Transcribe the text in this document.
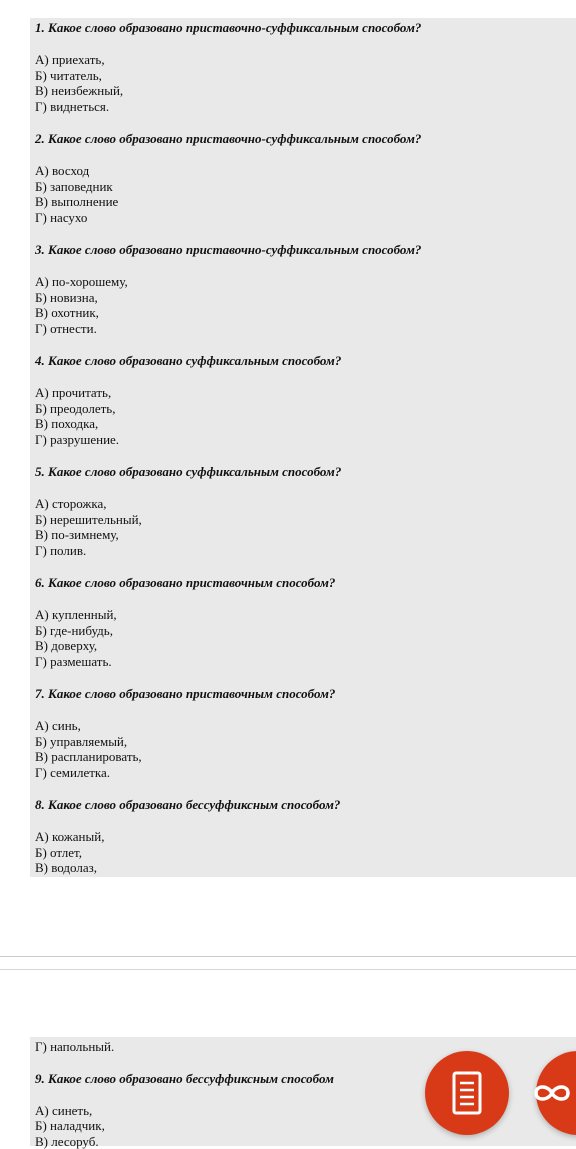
1. Какое слово образовано приставочно-суффиксальным способом?
А) приехать,
Б) читатель,
В) неизбежный,
Г) виднеться.
2. Какое слово образовано приставочно-суффиксальным способом?
А) восход
Б) заповедник
В) выполнение
Г) насухо
3. Какое слово образовано приставочно-суффиксальным способом?
А) по-хорошему,
Б) новизна,
В) охотник,
Г) отнести.
4. Какое слово образовано суффиксальным способом?
А) прочитать,
Б) преодолеть,
В) походка,
Г) разрушение.
5. Какое слово образовано суффиксальным способом?
А) сторожка,
Б) нерешительный,
В) по-зимнему,
Г) полив.
6. Какое слово образовано приставочным способом?
А) купленный,
Б) где-нибудь,
В) доверху,
Г) размешать.
7. Какое слово образовано приставочным способом?
А) синь,
Б) управляемый,
В) распланировать,
Г) семилетка.
8. Какое слово образовано бессуффиксным способом?
А) кожаный,
Б) отлет,
В) водолаз,
Г) напольный.
9. Какое слово образовано бессуффиксным способом
А) синеть,
Б) наладчик,
В) лесоруб.
